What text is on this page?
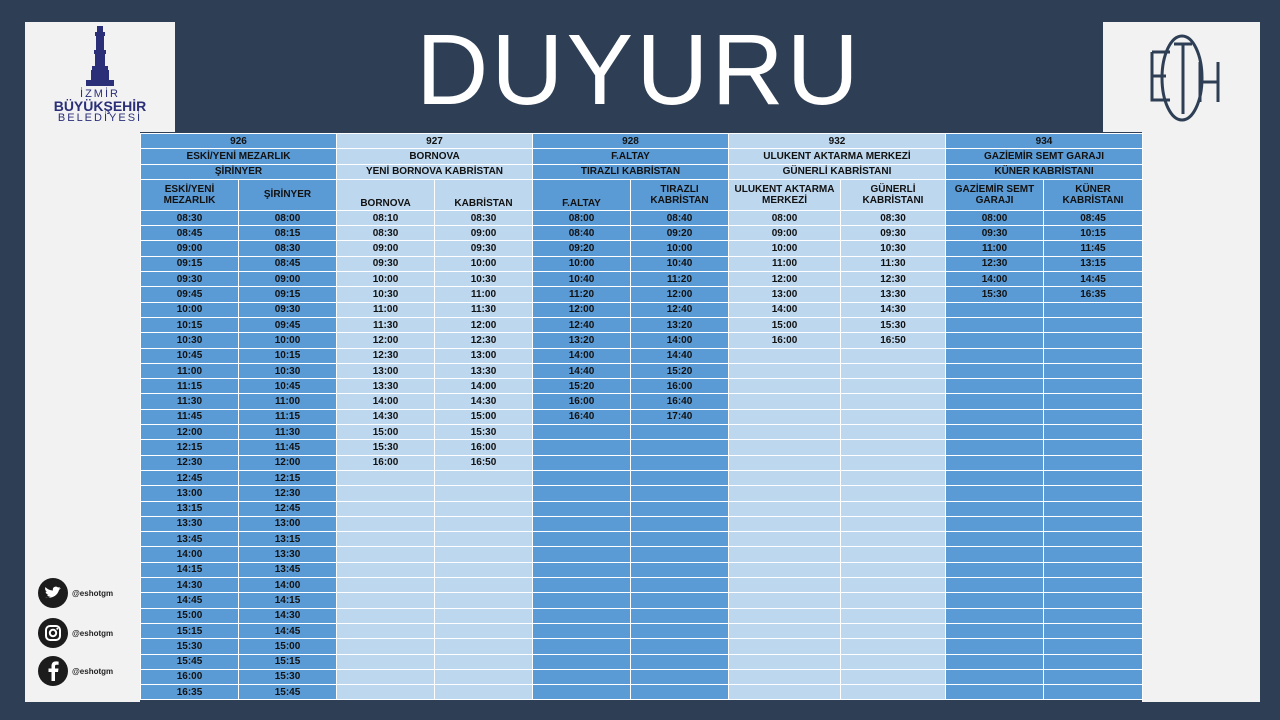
İZMİR
BÜYÜKŞEHİR
BELEDİYESİ	DUYURU
@eshotgm
@eshotgm
@eshotgm
926		927		928		932		934	
ESKİ/YENİ MEZARLIK		BORNOVA		F.ALTAY		ULUKENT AKTARMA MERKEZİ		GAZİEMİR SEMT GARAJI	
ŞİRİNYER		YENİ BORNOVA KABRİSTAN		TIRAZLI KABRİSTAN		GÜNERLİ KABRİSTANI		KÜNER KABRİSTANI	
ESKİ/YENİ MEZARLIK	ŞİRİNYER	BORNOVA	KABRİSTAN	F.ALTAY	TIRAZLI KABRİSTAN	ULUKENT AKTARMA MERKEZİ	GÜNERLİ KABRİSTANI	GAZİEMİR SEMT GARAJI	KÜNER KABRİSTANI
08:30	08:00	08:10	08:30	08:00	08:40	08:00	08:30	08:00	08:45
08:45	08:15	08:30	09:00	08:40	09:20	09:00	09:30	09:30	10:15
09:00	08:30	09:00	09:30	09:20	10:00	10:00	10:30	11:00	11:45
09:15	08:45	09:30	10:00	10:00	10:40	11:00	11:30	12:30	13:15
09:30	09:00	10:00	10:30	10:40	11:20	12:00	12:30	14:00	14:45
09:45	09:15	10:30	11:00	11:20	12:00	13:00	13:30	15:30	16:35
10:00	09:30	11:00	11:30	12:00	12:40	14:00	14:30		
10:15	09:45	11:30	12:00	12:40	13:20	15:00	15:30		
10:30	10:00	12:00	12:30	13:20	14:00	16:00	16:50		
10:45	10:15	12:30	13:00	14:00	14:40				
11:00	10:30	13:00	13:30	14:40	15:20				
11:15	10:45	13:30	14:00	15:20	16:00				
11:30	11:00	14:00	14:30	16:00	16:40				
11:45	11:15	14:30	15:00	16:40	17:40				
12:00	11:30	15:00	15:30						
12:15	11:45	15:30	16:00						
12:30	12:00	16:00	16:50						
12:45	12:15								
13:00	12:30								
13:15	12:45								
13:30	13:00								
13:45	13:15								
14:00	13:30								
14:15	13:45								
14:30	14:00								
14:45	14:15								
15:00	14:30								
15:15	14:45								
15:30	15:00								
15:45	15:15								
16:00	15:30								
16:35	15:45								
